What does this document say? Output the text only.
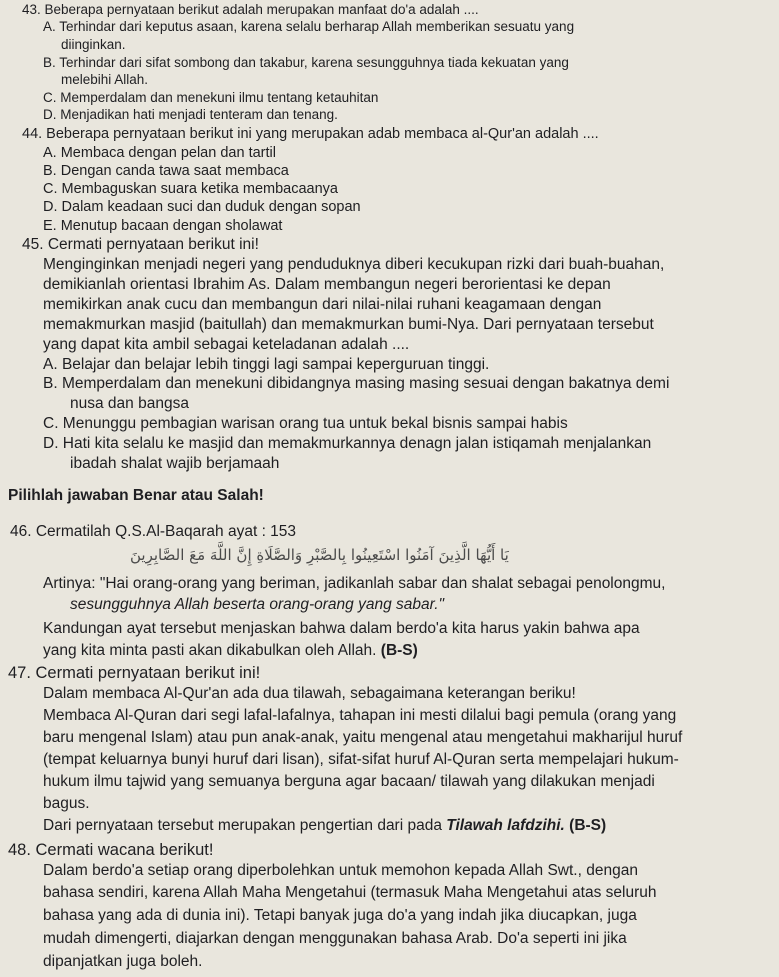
43. Beberapa pernyataan berikut adalah merupakan manfaat do'a adalah ....
A. Terhindar dari keputus asaan, karena selalu berharap Allah memberikan sesuatu yang
diinginkan.
B. Terhindar dari sifat sombong dan takabur, karena sesungguhnya tiada kekuatan yang
melebihi Allah.
C. Memperdalam dan menekuni ilmu tentang ketauhitan
D. Menjadikan hati menjadi tenteram dan tenang.
44. Beberapa pernyataan berikut ini yang merupakan adab membaca al-Qur'an adalah ....
A. Membaca dengan pelan dan tartil
B. Dengan canda tawa saat membaca
C. Membaguskan suara ketika membacaanya
D. Dalam keadaan suci dan duduk dengan sopan
E. Menutup bacaan dengan sholawat
45. Cermati pernyataan berikut ini!
Menginginkan menjadi negeri yang penduduknya diberi kecukupan rizki dari buah-buahan,
demikianlah orientasi Ibrahim As. Dalam membangun negeri berorientasi ke depan
memikirkan anak cucu dan membangun dari nilai-nilai ruhani keagamaan dengan
memakmurkan masjid (baitullah) dan memakmurkan bumi-Nya. Dari pernyataan tersebut
yang dapat kita ambil sebagai keteladanan adalah ....
A. Belajar dan belajar lebih tinggi lagi sampai keperguruan tinggi.
B. Memperdalam dan menekuni dibidangnya masing masing sesuai dengan bakatnya demi
nusa dan bangsa
C. Menunggu pembagian warisan orang tua untuk bekal bisnis sampai habis
D. Hati kita selalu ke masjid dan memakmurkannya denagn jalan istiqamah menjalankan
ibadah shalat wajib berjamaah
Pilihlah jawaban Benar atau Salah!
46. Cermatilah Q.S.Al-Baqarah ayat : 153
يَا أَيُّهَا الَّذِينَ آمَنُوا اسْتَعِينُوا بِالصَّبْرِ وَالصَّلَاةِ إِنَّ اللَّهَ مَعَ الصَّابِرِينَ
Artinya: "Hai orang-orang yang beriman, jadikanlah sabar dan shalat sebagai penolongmu,
sesungguhnya Allah beserta orang-orang yang sabar."
Kandungan ayat tersebut menjaskan bahwa dalam berdo'a kita harus yakin bahwa apa
yang kita minta pasti akan dikabulkan oleh Allah. (B-S)
47. Cermati pernyataan berikut ini!
Dalam membaca Al-Qur'an ada dua tilawah, sebagaimana keterangan beriku!
Membaca Al-Quran dari segi lafal-lafalnya, tahapan ini mesti dilalui bagi pemula (orang yang
baru mengenal Islam) atau pun anak-anak, yaitu mengenal atau mengetahui makharijul huruf
(tempat keluarnya bunyi huruf dari lisan), sifat-sifat huruf Al-Quran serta mempelajari hukum-
hukum ilmu tajwid yang semuanya berguna agar bacaan/ tilawah yang dilakukan menjadi
bagus.
Dari pernyataan tersebut merupakan pengertian dari pada Tilawah lafdzihi. (B-S)
48. Cermati wacana berikut!
Dalam berdo'a setiap orang diperbolehkan untuk memohon kepada Allah Swt., dengan
bahasa sendiri, karena Allah Maha Mengetahui (termasuk Maha Mengetahui atas seluruh
bahasa yang ada di dunia ini). Tetapi banyak juga do'a yang indah jika diucapkan, juga
mudah dimengerti, diajarkan dengan menggunakan bahasa Arab. Do'a seperti ini jika
dipanjatkan juga boleh.
